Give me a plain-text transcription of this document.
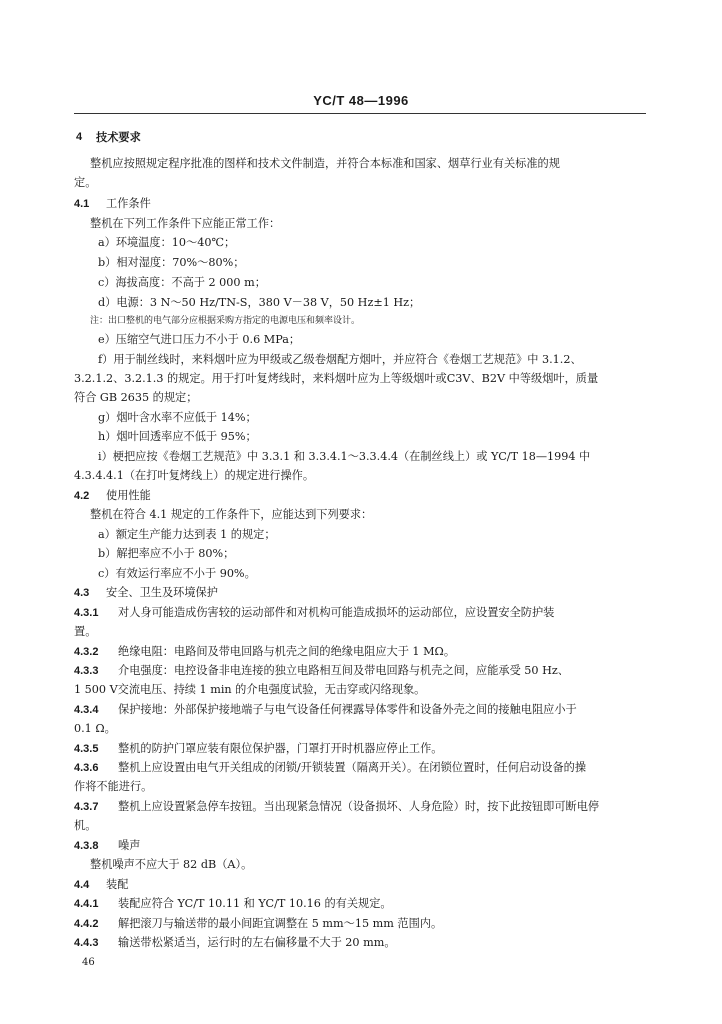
YC/T 48—1996
4 技术要求
整机应按照规定程序批准的图样和技术文件制造，并符合本标准和国家、烟草行业有关标准的规
定。
4.1 工作条件
整机在下列工作条件下应能正常工作：
a）环境温度：10～40℃；
b）相对湿度：70%～80%；
c）海拔高度：不高于 2 000 m；
d）电源：3 N～50 Hz/TN-S，380 V－38 V，50 Hz±1 Hz；
注：出口整机的电气部分应根据采购方指定的电源电压和频率设计。
e）压缩空气进口压力不小于 0.6 MPa；
f）用于制丝线时，来料烟叶应为甲级或乙级卷烟配方烟叶，并应符合《卷烟工艺规范》中 3.1.2、
3.2.1.2、3.2.1.3 的规定。用于打叶复烤线时，来料烟叶应为上等级烟叶或C3V、B2V 中等级烟叶，质量
符合 GB 2635 的规定；
g）烟叶含水率不应低于 14%；
h）烟叶回透率应不低于 95%；
i）梗把应按《卷烟工艺规范》中 3.3.1 和 3.3.4.1～3.3.4.4（在制丝线上）或 YC/T 18—1994 中
4.3.4.4.1（在打叶复烤线上）的规定进行操作。
4.2 使用性能
整机在符合 4.1 规定的工作条件下，应能达到下列要求：
a）额定生产能力达到表 1 的规定；
b）解把率应不小于 80%；
c）有效运行率应不小于 90%。
4.3 安全、卫生及环境保护
4.3.1 对人身可能造成伤害较的运动部件和对机构可能造成损坏的运动部位，应设置安全防护装
置。
4.3.2 绝缘电阻：电路间及带电回路与机壳之间的绝缘电阻应大于 1 MΩ。
4.3.3 介电强度：电控设备非电连接的独立电路相互间及带电回路与机壳之间，应能承受 50 Hz、
1 500 V交流电压、持续 1 min 的介电强度试验，无击穿或闪络现象。
4.3.4 保护接地：外部保护接地端子与电气设备任何裸露导体零件和设备外壳之间的接触电阻应小于
0.1 Ω。
4.3.5 整机的防护门罩应装有限位保护器，门罩打开时机器应停止工作。
4.3.6 整机上应设置由电气开关组成的闭锁/开锁装置（隔离开关）。在闭锁位置时，任何启动设备的操
作将不能进行。
4.3.7 整机上应设置紧急停车按钮。当出现紧急情况（设备损坏、人身危险）时，按下此按钮即可断电停
机。
4.3.8 噪声
整机噪声不应大于 82 dB（A）。
4.4 装配
4.4.1 装配应符合 YC/T 10.11 和 YC/T 10.16 的有关规定。
4.4.2 解把滚刀与输送带的最小间距宜调整在 5 mm～15 mm 范围内。
4.4.3 输送带松紧适当，运行时的左右偏移量不大于 20 mm。
46
